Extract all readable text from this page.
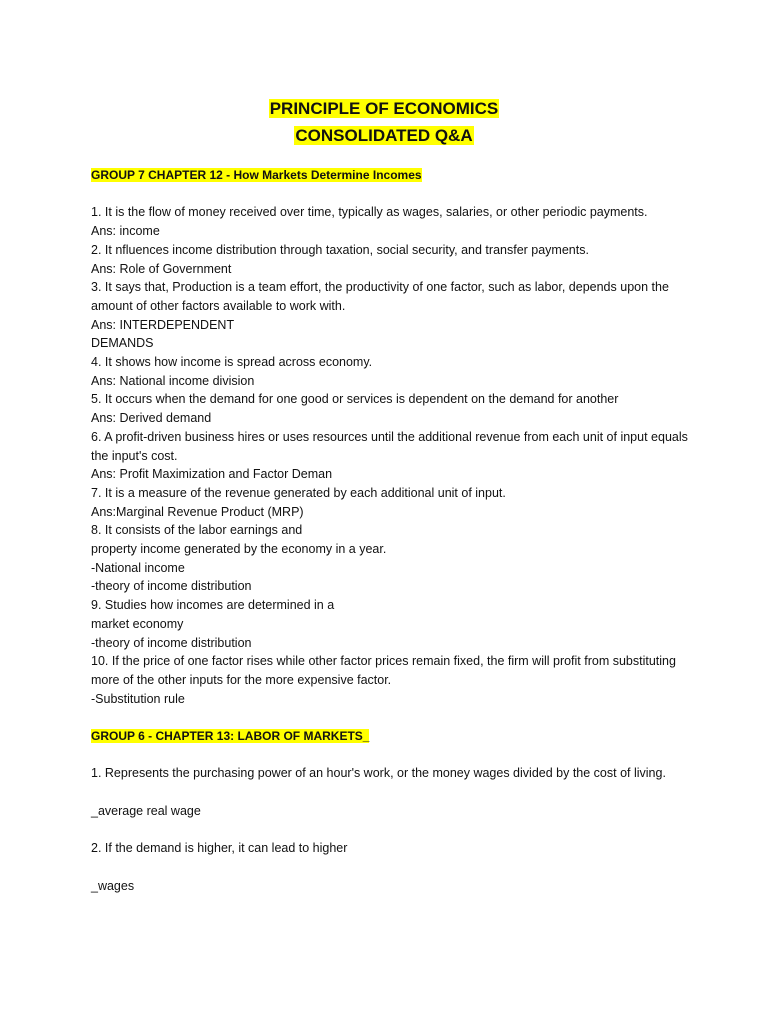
PRINCIPLE OF ECONOMICS
CONSOLIDATED Q&A

GROUP 7 CHAPTER 12 - How Markets Determine Incomes

1. It is the flow of money received over time, typically as wages, salaries, or other periodic payments.

Ans: income

2. It nfluences income distribution through taxation, social security, and transfer payments.

Ans: Role of Government

3. It says that, Production is a team effort, the productivity of one factor, such as labor, depends upon the amount of other factors available to work with.

Ans: INTERDEPENDENT

DEMANDS

4. It shows how income is spread across economy.

Ans: National income division

5. It occurs when the demand for one good or services is dependent on the demand for another

Ans: Derived demand

6. A profit-driven business hires or uses resources until the additional revenue from each unit of input equals the input's cost.

Ans: Profit Maximization and Factor Deman

7. It is a measure of the revenue generated by each additional unit of input.

Ans:Marginal Revenue Product (MRP)

8. It consists of the labor earnings and

property income generated by the economy in a year.

-National income

-theory of income distribution

9. Studies how incomes are determined in a

market economy

-theory of income distribution

10. If the price of one factor rises while other factor prices remain fixed, the firm will profit from substituting more of the other inputs for the more expensive factor.

-Substitution rule

GROUP 6 - CHAPTER 13: LABOR OF MARKETS_

1. Represents the purchasing power of an hour's work, or the money wages divided by the cost of living.

_average real wage

2. If the demand is higher, it can lead to higher

_wages
